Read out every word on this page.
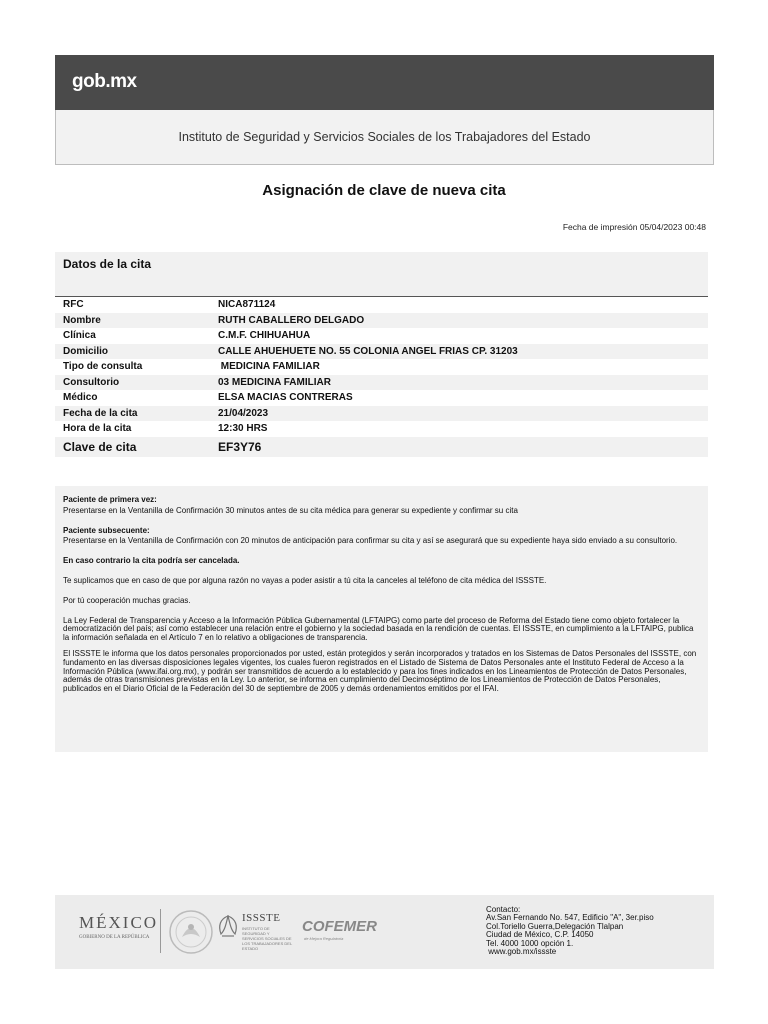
gob.mx
Instituto de Seguridad y Servicios Sociales de los Trabajadores del Estado
Asignación de clave de nueva cita
Fecha de impresión 05/04/2023 00:48
Datos de la cita
RFC	NICA871124
Nombre	RUTH CABALLERO DELGADO
Clínica	C.M.F. CHIHUAHUA
Domicilio	CALLE AHUEHUETE NO. 55 COLONIA ANGEL FRIAS CP. 31203
Tipo de consulta	MEDICINA FAMILIAR
Consultorio	03 MEDICINA FAMILIAR
Médico	ELSA MACIAS CONTRERAS
Fecha de la cita	21/04/2023
Hora de la cita	12:30 HRS
Clave de cita	EF3Y76

Paciente de primera vez:

Presentarse en la Ventanilla de Confirmación 30 minutos antes de su cita médica para generar su expediente y confirmar su cita

Paciente subsecuente:

Presentarse en la Ventanilla de Confirmación con 20 minutos de anticipación para confirmar su cita y así se asegurará que su expediente haya sido enviado a su consultorio.

En caso contrario la cita podría ser cancelada.

Te suplicamos que en caso de que por alguna razón no vayas a poder asistir a tú cita la canceles al teléfono de cita médica del ISSSTE.

Por tú cooperación muchas gracias.

La Ley Federal de Transparencia y Acceso a la Información Pública Gubernamental (LFTAIPG) como parte del proceso de Reforma del Estado tiene como objeto fortalecer la democratización del país; así como establecer una relación entre el gobierno y la sociedad basada en la rendición de cuentas. El ISSSTE, en cumplimiento a la LFTAIPG, publica la información señalada en el Artículo 7 en lo relativo a obligaciones de transparencia.

El ISSSTE le informa que los datos personales proporcionados por usted, están protegidos y serán incorporados y tratados en los Sistemas de Datos Personales del ISSSTE, con fundamento en las diversas disposiciones legales vigentes, los cuales fueron registrados en el Listado de Sistema de Datos Personales ante el Instituto Federal de Acceso a la Información Pública (www.ifai.org.mx), y podrán ser transmitidos de acuerdo a lo establecido y para los fines indicados en los Lineamientos de Protección de Datos Personales, además de otras transmisiones previstas en la Ley. Lo anterior, se informa en cumplimiento del Decimoséptimo de los Lineamientos de Protección de Datos Personales, publicados en el Diario Oficial de la Federación del 30 de septiembre de 2005 y demás ordenamientos emitidos por el IFAI.

MÉXICO
GOBIERNO DE LA REPÚBLICA
ISSSTE
INSTITUTO DE SEGURIDAD Y SERVICIOS SOCIALES DE LOS TRABAJADORES DEL ESTADO
COFEMER
de Mejora Regulatoria
Contacto:
Av.San Fernando No. 547, Edificio "A", 3er.piso
Col.Toriello Guerra,Delegación Tlalpan
Ciudad de México, C.P. 14050
Tel. 4000 1000 opción 1.
www.gob.mx/issste
